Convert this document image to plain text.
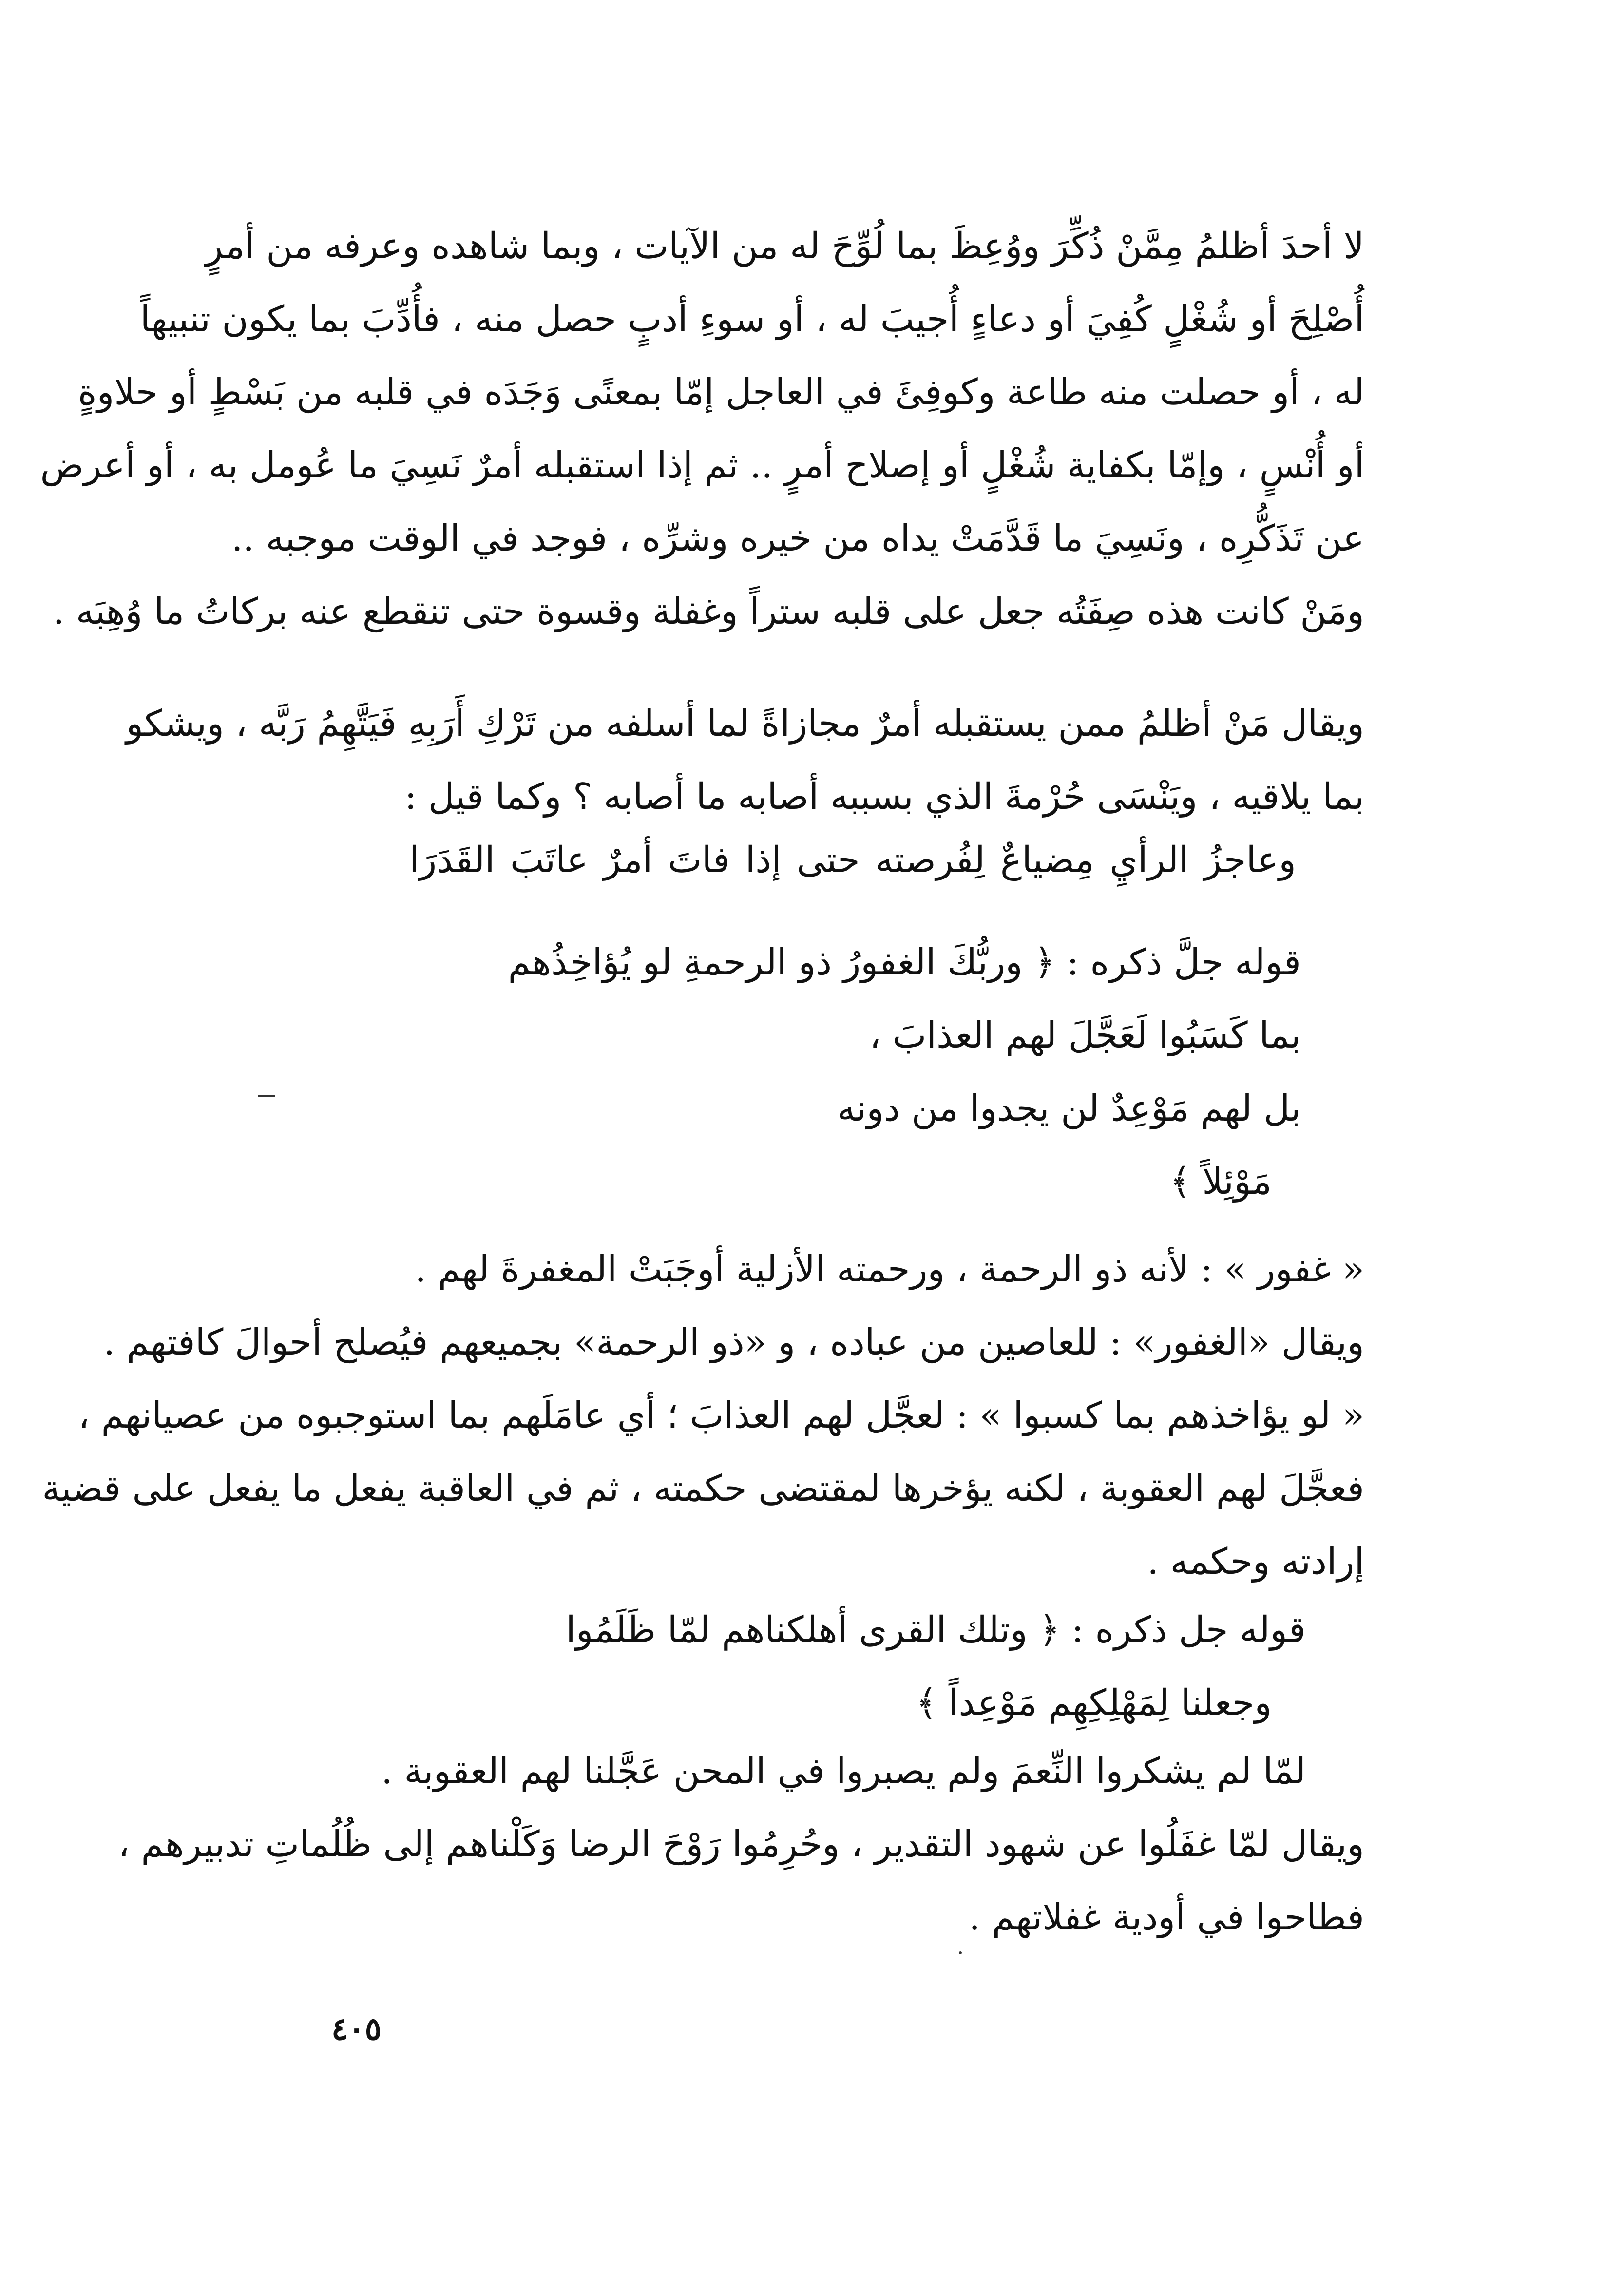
لا أحدَ أظلمُ مِمَّنْ ذُكِّرَ ووُعِظَ بما لُوِّحَ له من الآيات ، وبما شاهده وعرفه من أمرٍ
أُصْلِحَ أو شُغْلٍ كُفِيَ أو دعاءٍ أُجيبَ له ، أو سوءِ أدبٍ حصل منه ، فأُدِّبَ بما يكون تنبيهاً
له ، أو حصلت منه طاعة وكوفِئَ في العاجل إمّا بمعنًى وَجَدَه في قلبه من بَسْطٍ أو حلاوةٍ
أو أُنْسٍ ، وإمّا بكفاية شُغْلٍ أو إصلاح أمرٍ .. ثم إذا استقبله أمرٌ نَسِيَ ما عُومل به ، أو أعرض
عن تَذَكُّرِه ، ونَسِيَ ما قَدَّمَتْ يداه من خيره وشرِّه ، فوجد في الوقت موجبه ..
ومَنْ كانت هذه صِفَتُه جعل على قلبه ستراً وغفلة وقسوة حتى تنقطع عنه بركاتُ ما وُهِبَه .
ويقال مَنْ أظلمُ ممن يستقبله أمرٌ مجازاةً لما أسلفه من تَرْكِ أَرَبِهِ فَيَتَّهِمُ رَبَّه ، ويشكو
بما يلاقيه ، ويَنْسَى حُرْمةَ الذي بسببه أصابه ما أصابه ؟ وكما قيل :
وعاجزُ الرأيِ مِضياعٌ لِفُرصته حتى إذا فاتَ أمرٌ عاتَبَ القَدَرَا
قوله جلَّ ذكره : ﴿ وربُّكَ الغفورُ ذو الرحمةِ لو يُؤاخِذُهم
بما كَسَبُوا لَعَجَّلَ لهم العذابَ ،
بل لهم مَوْعِدٌ لن يجدوا من دونه
مَوْئِلاً ﴾
« غفور » : لأنه ذو الرحمة ، ورحمته الأزلية أوجَبَتْ المغفرةَ لهم .
ويقال «الغفور» : للعاصين من عباده ، و «ذو الرحمة» بجميعهم فيُصلح أحوالَ كافتهم .
« لو يؤاخذهم بما كسبوا » : لعجَّل لهم العذابَ ؛ أي عامَلَهم بما استوجبوه من عصيانهم ،
فعجَّلَ لهم العقوبة ، لكنه يؤخرها لمقتضى حكمته ، ثم في العاقبة يفعل ما يفعل على قضية
إرادته وحكمه .
قوله جل ذكره : ﴿ وتلك القرى أهلكناهم لمّا ظَلَمُوا
وجعلنا لِمَهْلِكِهِم مَوْعِداً ﴾
لمّا لم يشكروا النِّعمَ ولم يصبروا في المحن عَجَّلنا لهم العقوبة .
ويقال لمّا غفَلُوا عن شهود التقدير ، وحُرِمُوا رَوْحَ الرضا وَكَلْناهم إلى ظُلُماتِ تدبيرهم ،
فطاحوا في أودية غفلاتهم .
٤٠٥
